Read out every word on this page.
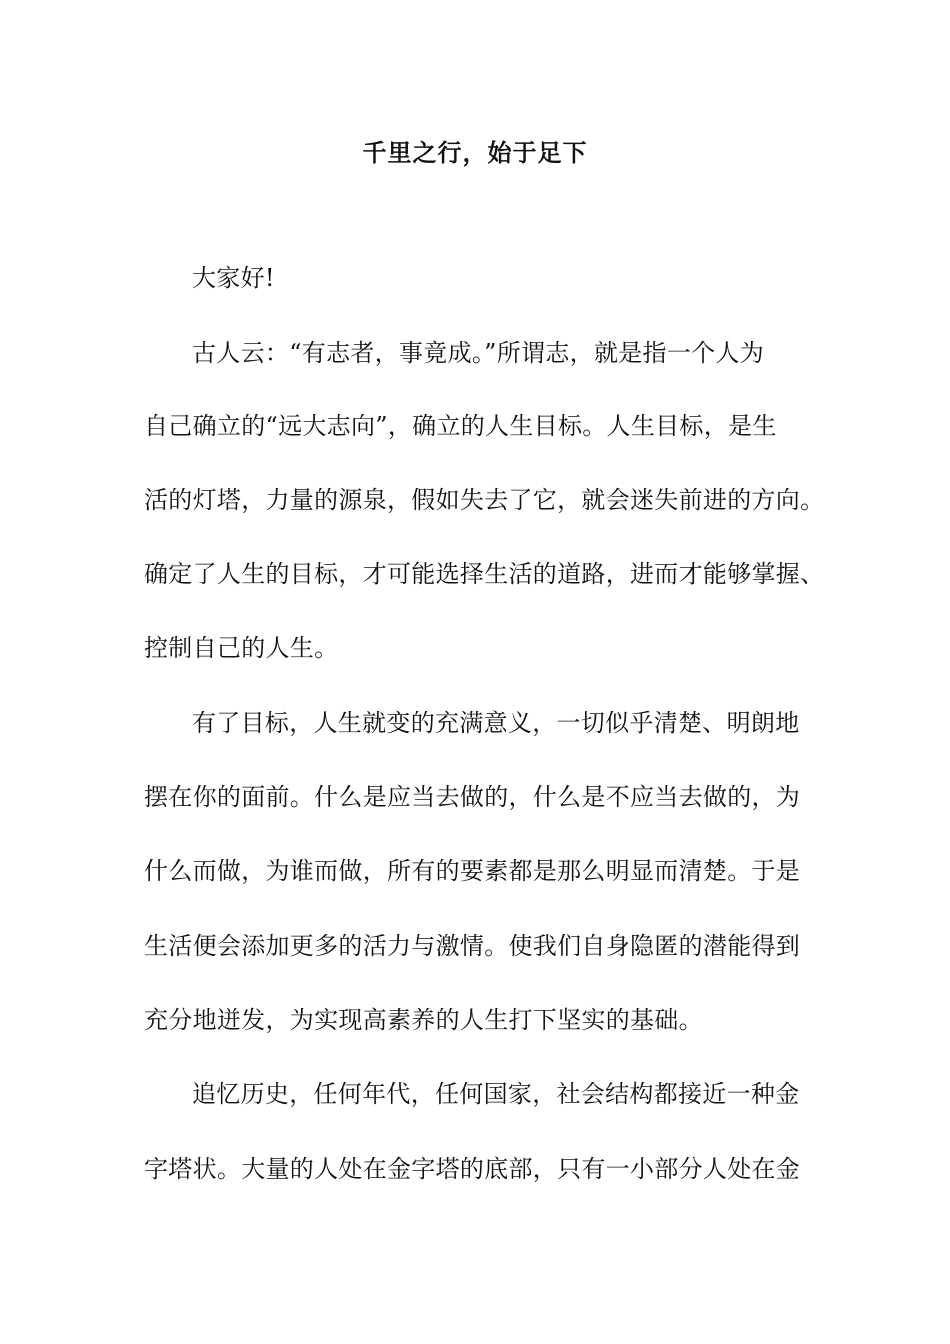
千里之行，始于足下

大家好!

古人云：“有志者，事竟成。”所谓志，就是指一个人为

自己确立的“远大志向”，确立的人生目标。人生目标，是生

活的灯塔，力量的源泉，假如失去了它，就会迷失前进的方向。

确定了人生的目标，才可能选择生活的道路，进而才能够掌握、

控制自己的人生。

有了目标，人生就变的充满意义，一切似乎清楚、明朗地

摆在你的面前。什么是应当去做的，什么是不应当去做的，为

什么而做，为谁而做，所有的要素都是那么明显而清楚。于是

生活便会添加更多的活力与激情。使我们自身隐匿的潜能得到

充分地迸发，为实现高素养的人生打下坚实的基础。

追忆历史，任何年代，任何国家，社会结构都接近一种金

字塔状。大量的人处在金字塔的底部，只有一小部分人处在金
